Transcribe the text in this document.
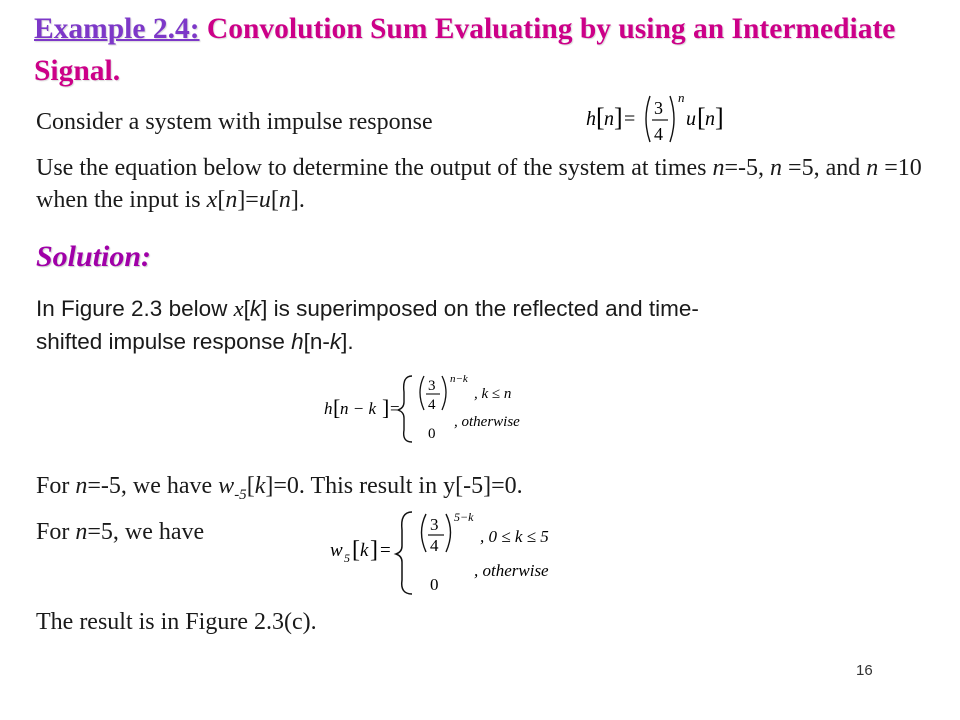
Example 2.4: Convolution Sum Evaluating by using an Intermediate Signal.
Consider a system with impulse response	h [ n ] = 3
4
n
u [ n ]
Use the equation below to determine the output of the system at times n=-5, n =5, and n =10 when the input is x[n]=u[n].
Solution:
In Figure 2.3 below x[k] is superimposed on the reflected and time-
shifted impulse response h[n-k].
h [ n − k ] =
3
4
n−k
, k ≤ n
0
, otherwise
For n=-5, we have $w_{-5}[k]=0$. This result in y[-5]=0.
For n=5, we have
w 5 [ k ] =
3
4
5−k
, 0 ≤ k ≤ 5
0
, otherwise
The result is in Figure 2.3(c).
16
